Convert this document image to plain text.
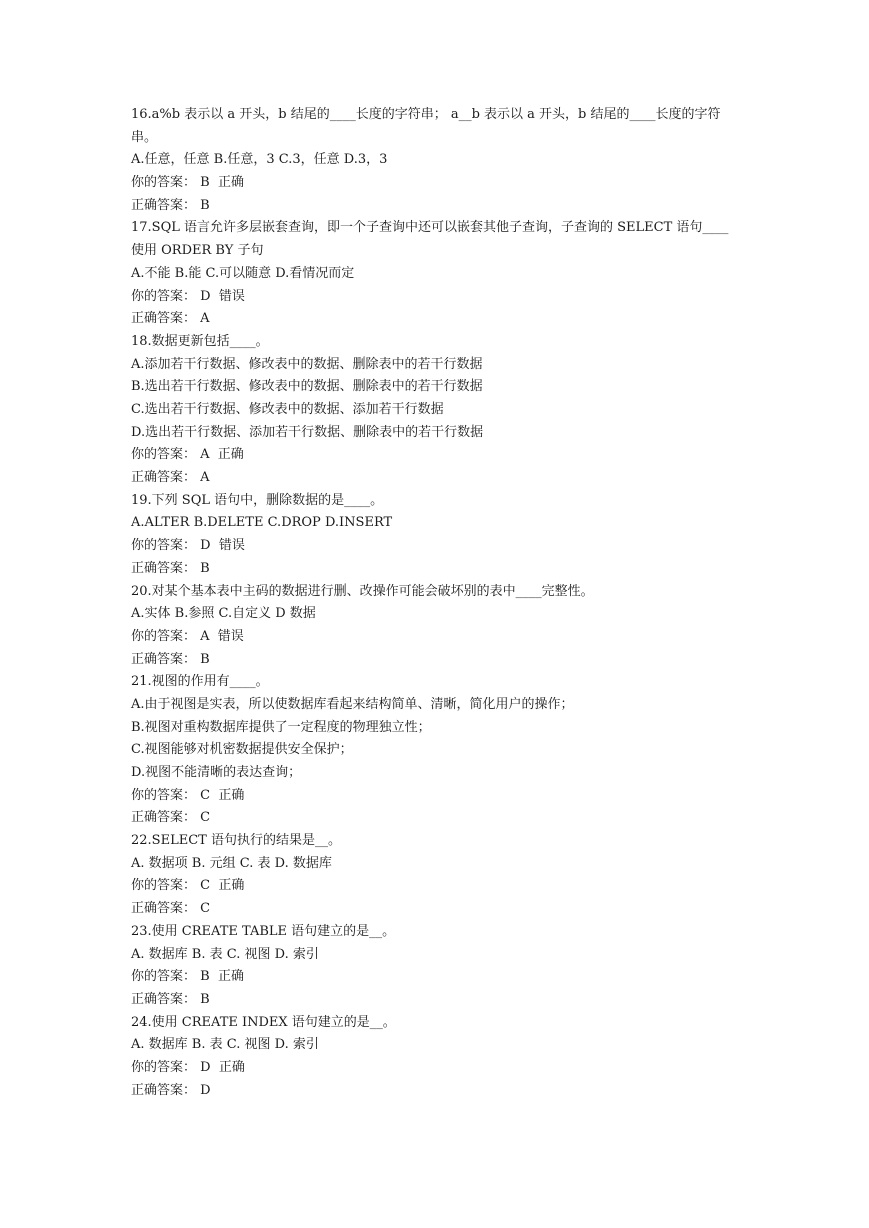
16.a%b 表示以 a 开头，b 结尾的____长度的字符串； a__b 表示以 a 开头，b 结尾的____长度的字符串。
A.任意，任意 B.任意，3 C.3，任意 D.3，3
你的答案： B  正确
正确答案： B
17.SQL 语言允许多层嵌套查询，即一个子查询中还可以嵌套其他子查询，子查询的 SELECT 语句____使用 ORDER BY 子句
A.不能 B.能 C.可以随意 D.看情况而定
你的答案： D  错误
正确答案： A
18.数据更新包括____。
A.添加若干行数据、修改表中的数据、删除表中的若干行数据
B.选出若干行数据、修改表中的数据、删除表中的若干行数据
C.选出若干行数据、修改表中的数据、添加若干行数据
D.选出若干行数据、添加若干行数据、删除表中的若干行数据
你的答案： A  正确
正确答案： A
19.下列 SQL 语句中，删除数据的是____。
A.ALTER B.DELETE C.DROP D.INSERT
你的答案： D  错误
正确答案： B
20.对某个基本表中主码的数据进行删、改操作可能会破坏别的表中____完整性。
A.实体 B.参照 C.自定义 D 数据
你的答案： A  错误
正确答案： B
21.视图的作用有____。
A.由于视图是实表，所以使数据库看起来结构简单、清晰，简化用户的操作；
B.视图对重构数据库提供了一定程度的物理独立性；
C.视图能够对机密数据提供安全保护；
D.视图不能清晰的表达查询；
你的答案： C  正确
正确答案： C
22.SELECT 语句执行的结果是__。
A. 数据项 B. 元组 C. 表 D. 数据库
你的答案： C  正确
正确答案： C
23.使用 CREATE TABLE 语句建立的是__。
A. 数据库 B. 表 C. 视图 D. 索引
你的答案： B  正确
正确答案： B
24.使用 CREATE INDEX 语句建立的是__。
A. 数据库 B. 表 C. 视图 D. 索引
你的答案： D  正确
正确答案： D
